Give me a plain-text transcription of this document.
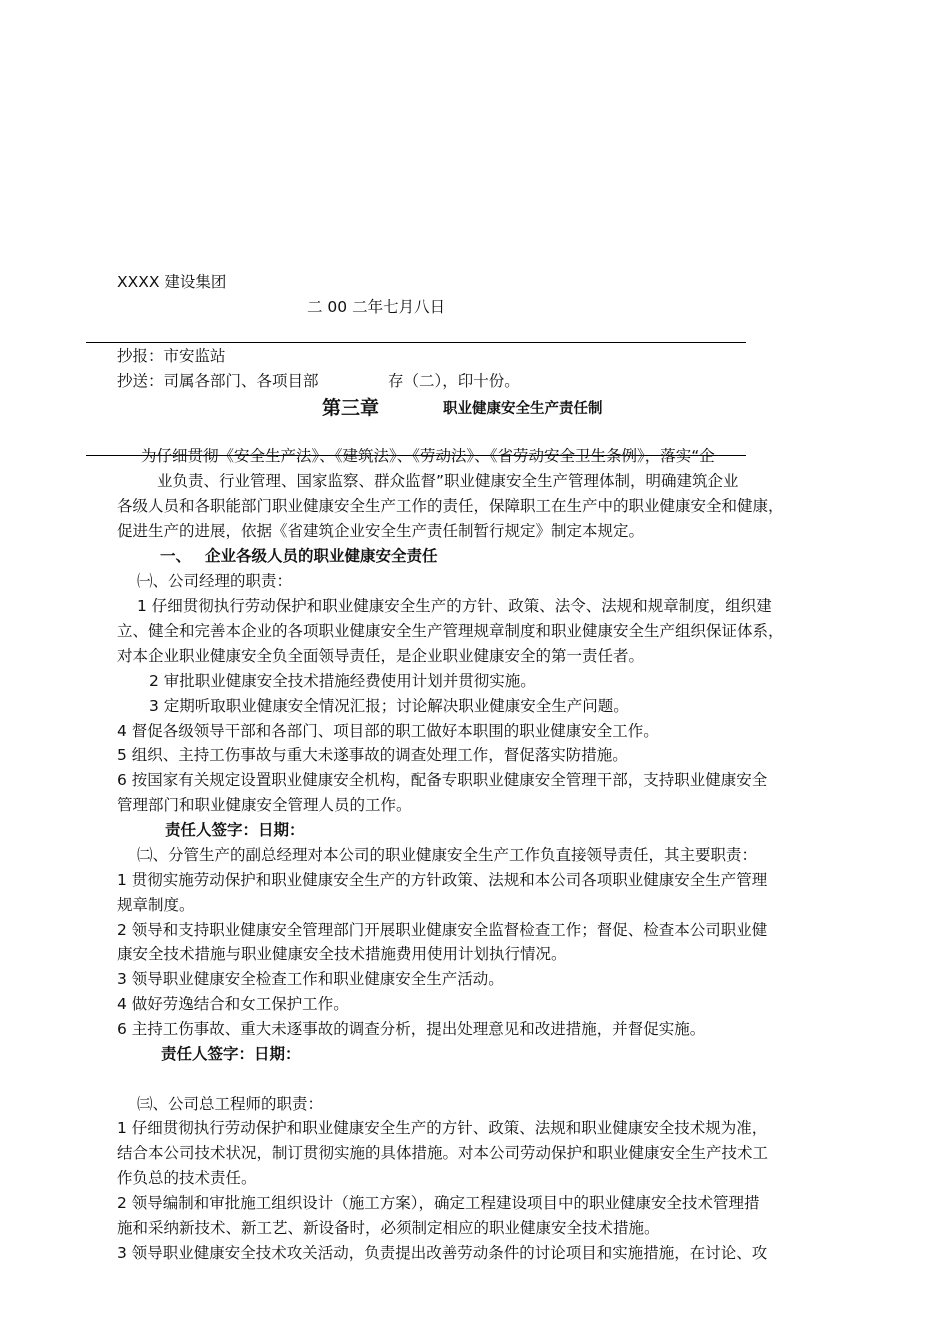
XXXX 建设集团
二 00 二年七月八日
抄报：市安监站
抄送：司属各部门、各项目部	存（二），印十份。
第三章	职业健康安全生产责任制
为仔细贯彻《安全生产法》、《建筑法》、《劳动法》、《省劳动安全卫生条例》，落实“企
业负责、行业管理、国家监察、群众监督”职业健康安全生产管理体制，明确建筑企业
各级人员和各职能部门职业健康安全生产工作的责任，保障职工在生产中的职业健康安全和健康，
促进生产的进展，依据《省建筑企业安全生产责任制暂行规定》制定本规定。
一、 企业各级人员的职业健康安全责任
㈠、公司经理的职责：
1 仔细贯彻执行劳动保护和职业健康安全生产的方针、政策、法令、法规和规章制度，组织建
立、健全和完善本企业的各项职业健康安全生产管理规章制度和职业健康安全生产组织保证体系，
对本企业职业健康安全负全面领导责任，是企业职业健康安全的第一责任者。
2 审批职业健康安全技术措施经费使用计划并贯彻实施。
3 定期听取职业健康安全情况汇报；讨论解决职业健康安全生产问题。
4 督促各级领导干部和各部门、项目部的职工做好本职围的职业健康安全工作。
5 组织、主持工伤事故与重大未遂事故的调查处理工作，督促落实防措施。
6 按国家有关规定设置职业健康安全机构，配备专职职业健康安全管理干部，支持职业健康安全
管理部门和职业健康安全管理人员的工作。
责任人签字：日期：
㈡、分管生产的副总经理对本公司的职业健康安全生产工作负直接领导责任，其主要职责：
1 贯彻实施劳动保护和职业健康安全生产的方针政策、法规和本公司各项职业健康安全生产管理
规章制度。
2 领导和支持职业健康安全管理部门开展职业健康安全监督检查工作；督促、检查本公司职业健
康安全技术措施与职业健康安全技术措施费用使用计划执行情况。
3 领导职业健康安全检查工作和职业健康安全生产活动。
4 做好劳逸结合和女工保护工作。
6 主持工伤事故、重大未逐事故的调查分析，提出处理意见和改进措施，并督促实施。
责任人签字：日期：
㈢、公司总工程师的职责：
1 仔细贯彻执行劳动保护和职业健康安全生产的方针、政策、法规和职业健康安全技术规为准，
结合本公司技术状况，制订贯彻实施的具体措施。对本公司劳动保护和职业健康安全生产技术工
作负总的技术责任。
2 领导编制和审批施工组织设计（施工方案），确定工程建设项目中的职业健康安全技术管理措
施和采纳新技术、新工艺、新设备时，必须制定相应的职业健康安全技术措施。
3 领导职业健康安全技术攻关活动，负责提出改善劳动条件的讨论项目和实施措施，在讨论、攻
